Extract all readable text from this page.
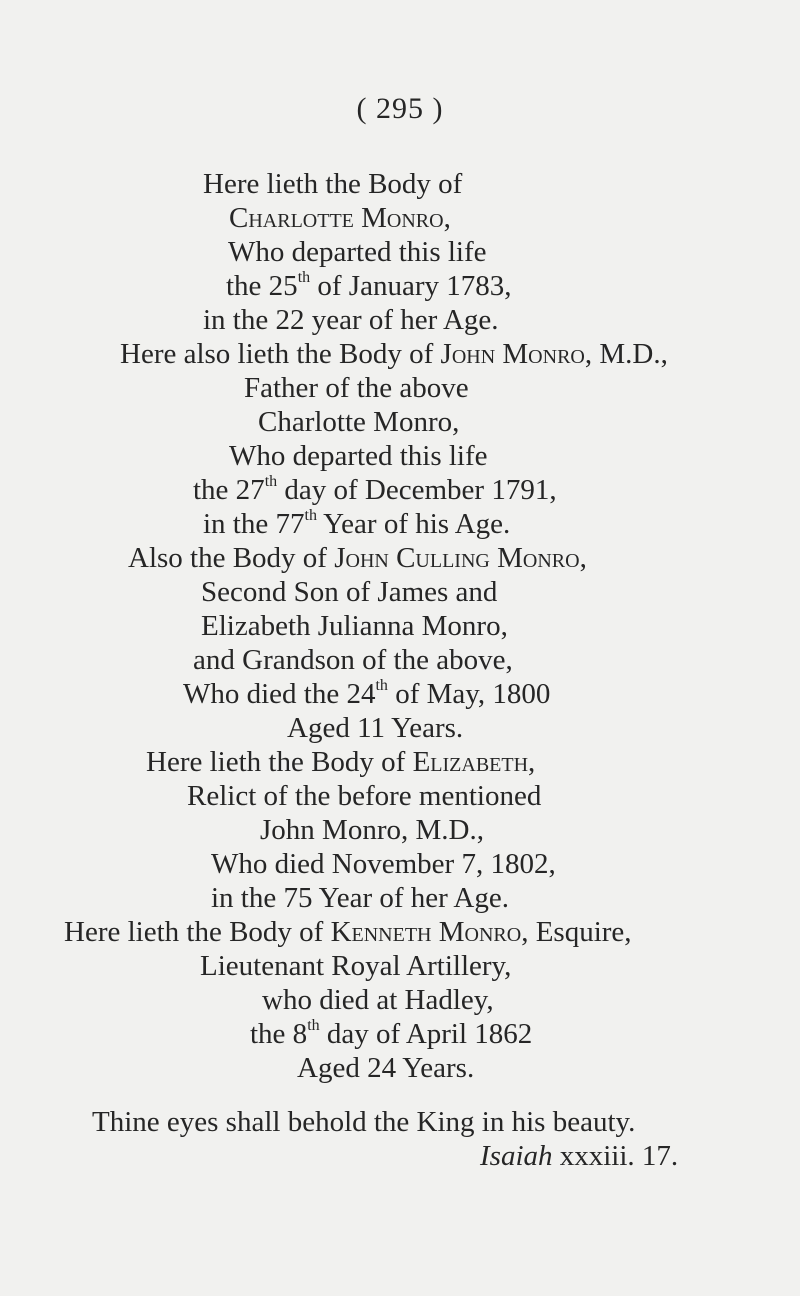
( 295 )
Here lieth the Body of
Charlotte Monro,
Who departed this life
the 25th of January 1783,
in the 22 year of her Age.
Here also lieth the Body of John Monro, M.D.,
Father of the above
Charlotte Monro,
Who departed this life
the 27th day of December 1791,
in the 77th Year of his Age.
Also the Body of John Culling Monro,
Second Son of James and
Elizabeth Julianna Monro,
and Grandson of the above,
Who died the 24th of May, 1800
Aged 11 Years.
Here lieth the Body of Elizabeth,
Relict of the before mentioned
John Monro, M.D.,
Who died November 7, 1802,
in the 75 Year of her Age.
Here lieth the Body of Kenneth Monro, Esquire,
Lieutenant Royal Artillery,
who died at Hadley,
the 8th day of April 1862
Aged 24 Years.
Thine eyes shall behold the King in his beauty.
Isaiah xxxiii. 17.
